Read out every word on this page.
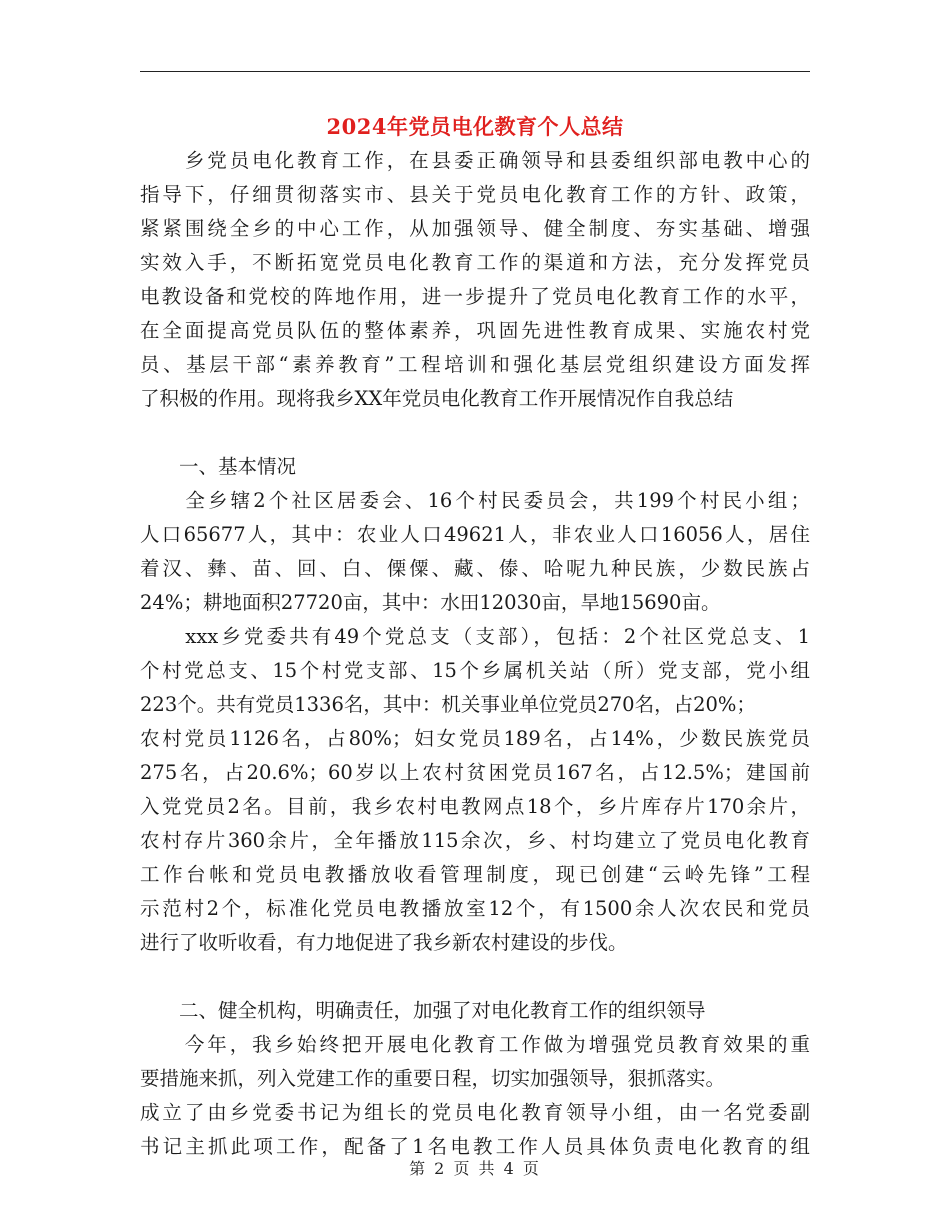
2024年党员电化教育个人总结
　　乡党员电化教育工作，在县委正确领导和县委组织部电教中心的
指导下，仔细贯彻落实市、县关于党员电化教育工作的方针、政策，
紧紧围绕全乡的中心工作，从加强领导、健全制度、夯实基础、增强
实效入手，不断拓宽党员电化教育工作的渠道和方法，充分发挥党员
电教设备和党校的阵地作用，进一步提升了党员电化教育工作的水平，
在全面提高党员队伍的整体素养，巩固先进性教育成果、实施农村党
员、基层干部“素养教育”工程培训和强化基层党组织建设方面发挥
了积极的作用。现将我乡XX年党员电化教育工作开展情况作自我总结
　　一、基本情况
　　全乡辖2个社区居委会、16个村民委员会，共199个村民小组；
人口65677人，其中：农业人口49621人，非农业人口16056人，居住
着汉、彝、苗、回、白、傈僳、藏、傣、哈呢九种民族，少数民族占
24%；耕地面积27720亩，其中：水田12030亩，旱地15690亩。
　　xxx乡党委共有49个党总支（支部），包括：2个社区党总支、1
个村党总支、15个村党支部、15个乡属机关站（所）党支部，党小组
223个。共有党员1336名，其中：机关事业单位党员270名，占20%；
农村党员1126名，占80%；妇女党员189名，占14%，少数民族党员
275名，占20.6%；60岁以上农村贫困党员167名，占12.5%；建国前
入党党员2名。目前，我乡农村电教网点18个，乡片库存片170余片，
农村存片360余片，全年播放115余次，乡、村均建立了党员电化教育
工作台帐和党员电教播放收看管理制度，现已创建“云岭先锋”工程
示范村2个，标准化党员电教播放室12个，有1500余人次农民和党员
进行了收听收看，有力地促进了我乡新农村建设的步伐。
　　二、健全机构，明确责任，加强了对电化教育工作的组织领导
　　今年，我乡始终把开展电化教育工作做为增强党员教育效果的重
要措施来抓，列入党建工作的重要日程，切实加强领导，狠抓落实。
成立了由乡党委书记为组长的党员电化教育领导小组，由一名党委副
书记主抓此项工作，配备了1名电教工作人员具体负责电化教育的组
第 2 页 共 4 页
